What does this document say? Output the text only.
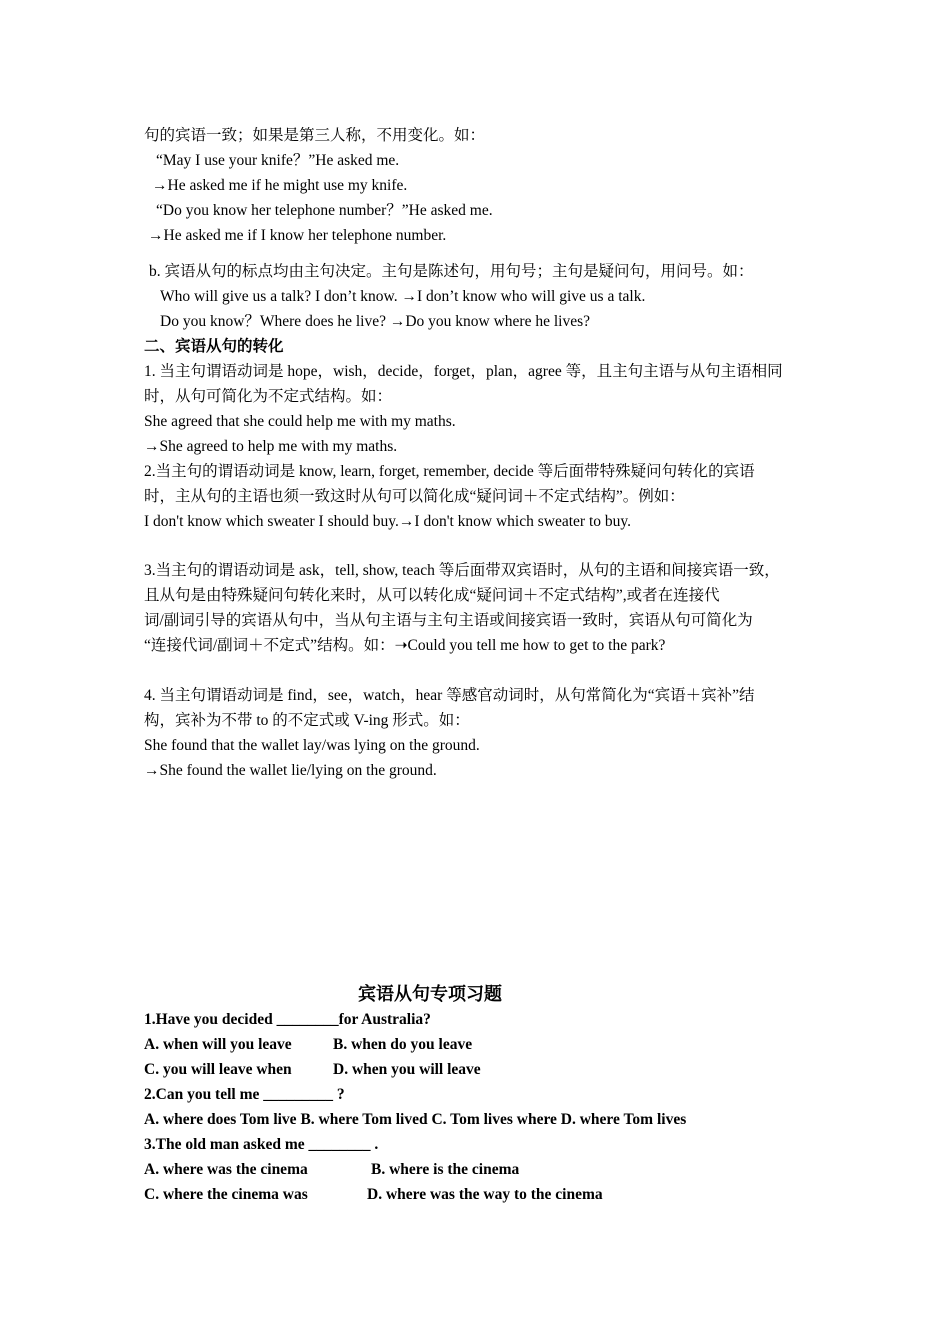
句的宾语一致；如果是第三人称，不用变化。如：
“May I use your knife？”He asked me.
→He asked me if he might use my knife.
“Do you know her telephone number？”He asked me.
→He asked me if I know her telephone number.
b. 宾语从句的标点均由主句决定。主句是陈述句，用句号；主句是疑问句，用问号。如：
Who will give us a talk? I don’t know. →I don’t know who will give us a talk.
Do you know？Where does he live? →Do you know where he lives?
二、宾语从句的转化
1. 当主句谓语动词是 hope，wish，decide，forget，plan，agree 等，且主句主语与从句主语相同
时，从句可简化为不定式结构。如：
She agreed that she could help me with my maths.
→She agreed to help me with my maths.
2.当主句的谓语动词是 know, learn, forget, remember, decide 等后面带特殊疑问句转化的宾语
时，主从句的主语也须一致这时从句可以简化成“疑问词＋不定式结构”。例如：
I don't know which sweater I should buy.→I don't know which sweater to buy.
3.当主句的谓语动词是 ask，tell, show, teach 等后面带双宾语时，从句的主语和间接宾语一致，
且从句是由特殊疑问句转化来时，从可以转化成“疑问词＋不定式结构”,或者在连接代
词/副词引导的宾语从句中，当从句主语与主句主语或间接宾语一致时，宾语从句可简化为
“连接代词/副词＋不定式”结构。如：➝Could you tell me how to get to the park?
4. 当主句谓语动词是 find，see，watch，hear 等感官动词时，从句常简化为“宾语＋宾补”结
构，宾补为不带 to 的不定式或 V-ing 形式。如：
She found that the wallet lay/was lying on the ground.
→She found the wallet lie/lying on the ground.
宾语从句专项习题
1.Have you decided ________for Australia?
A. when will you leave	B. when do you leave
C. you will leave when	D. when you will leave
2.Can you tell me _________ ?
A. where does Tom live B. where Tom lived C. Tom lives where D. where Tom lives
3.The old man asked me ________ .
A. where was the cinema	B. where is the cinema
C. where the cinema was	D. where was the way to the cinema
